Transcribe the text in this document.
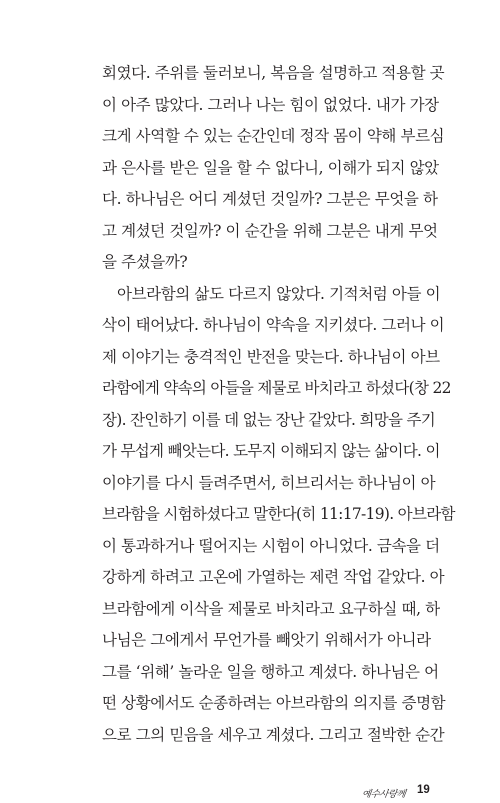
회였다. 주위를 둘러보니, 복음을 설명하고 적용할 곳
이 아주 많았다. 그러나 나는 힘이 없었다. 내가 가장
크게 사역할 수 있는 순간인데 정작 몸이 약해 부르심
과 은사를 받은 일을 할 수 없다니, 이해가 되지 않았
다. 하나님은 어디 계셨던 것일까? 그분은 무엇을 하
고 계셨던 것일까? 이 순간을 위해 그분은 내게 무엇
을 주셨을까?

아브라함의 삶도 다르지 않았다. 기적처럼 아들 이
삭이 태어났다. 하나님이 약속을 지키셨다. 그러나 이
제 이야기는 충격적인 반전을 맞는다. 하나님이 아브
라함에게 약속의 아들을 제물로 바치라고 하셨다(창 22
장). 잔인하기 이를 데 없는 장난 같았다. 희망을 주기
가 무섭게 빼앗는다. 도무지 이해되지 않는 삶이다. 이
이야기를 다시 들려주면서, 히브리서는 하나님이 아
브라함을 시험하셨다고 말한다(히 11:17-19). 아브라함
이 통과하거나 떨어지는 시험이 아니었다. 금속을 더
강하게 하려고 고온에 가열하는 제련 작업 같았다. 아
브라함에게 이삭을 제물로 바치라고 요구하실 때, 하
나님은 그에게서 무언가를 빼앗기 위해서가 아니라
그를 ‘위해’ 놀라운 일을 행하고 계셨다. 하나님은 어
떤 상황에서도 순종하려는 아브라함의 의지를 증명함
으로 그의 믿음을 세우고 계셨다. 그리고 절박한 순간

예수사랑께 19
